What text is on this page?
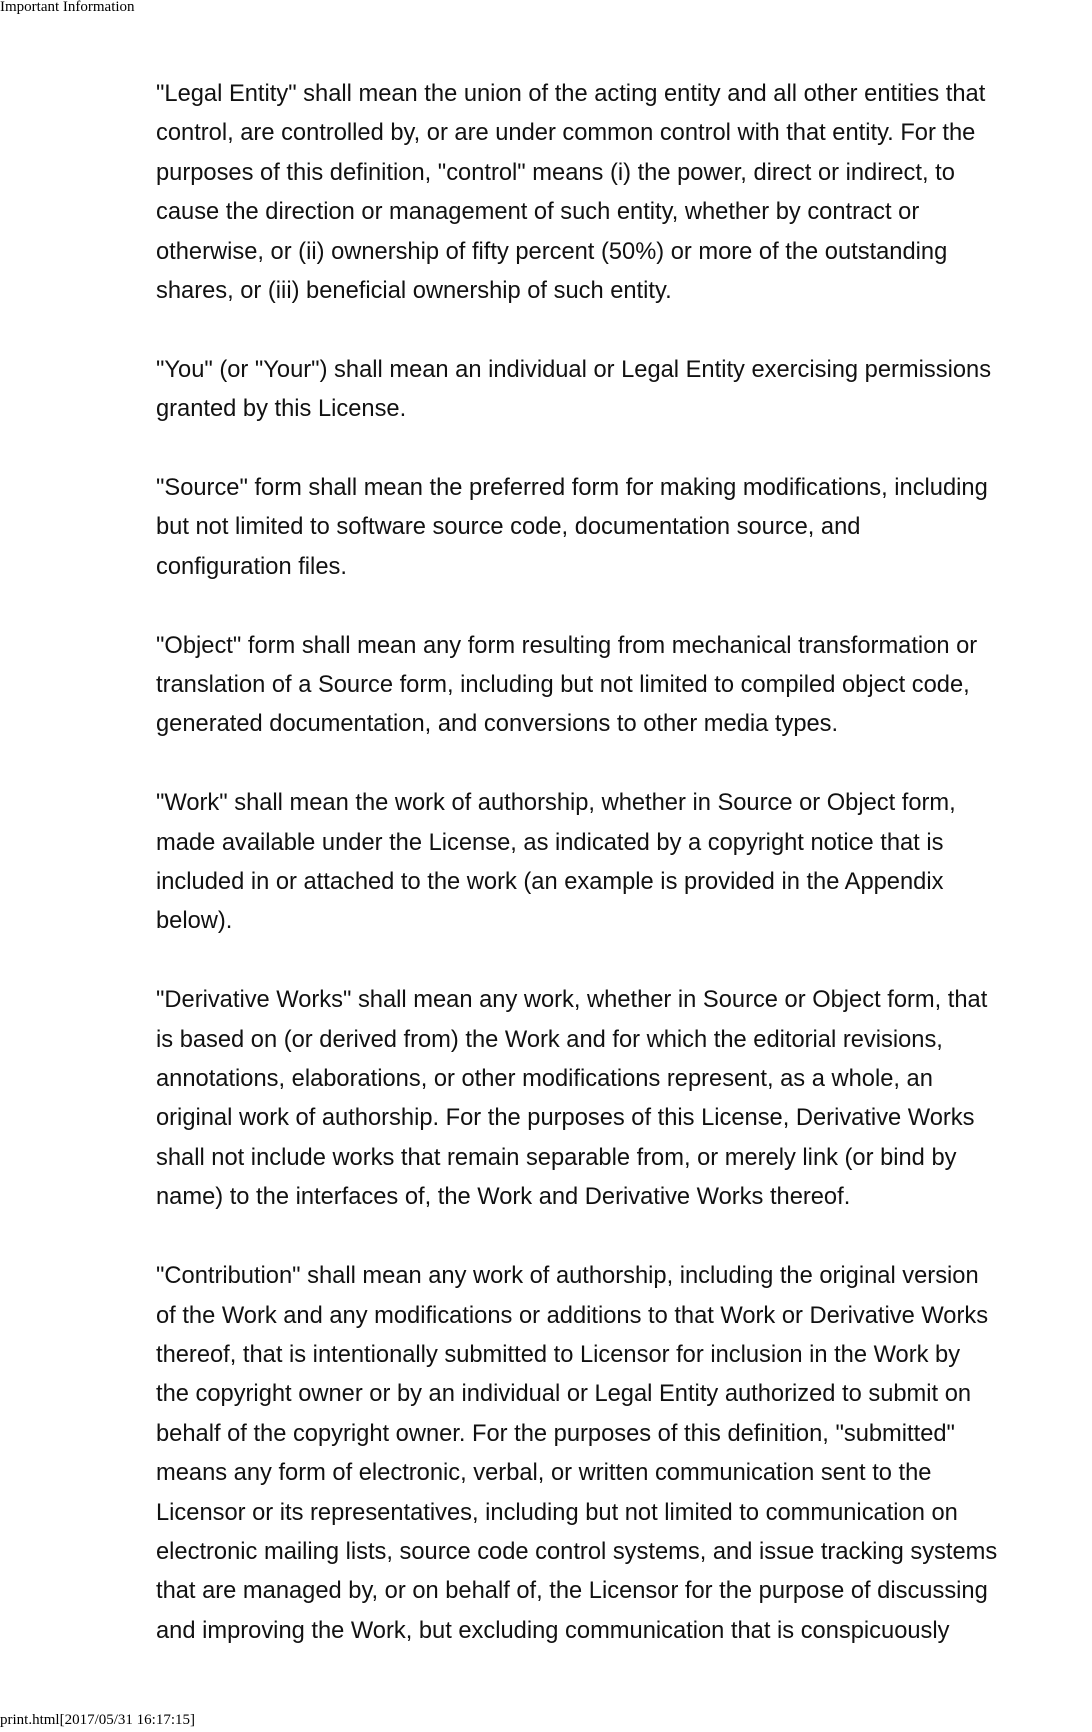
Important Information

"Legal Entity" shall mean the union of the acting entity and all other entities that
control, are controlled by, or are under common control with that entity. For the
purposes of this definition, "control" means (i) the power, direct or indirect, to
cause the direction or management of such entity, whether by contract or
otherwise, or (ii) ownership of fifty percent (50%) or more of the outstanding
shares, or (iii) beneficial ownership of such entity.

"You" (or "Your") shall mean an individual or Legal Entity exercising permissions
granted by this License.

"Source" form shall mean the preferred form for making modifications, including
but not limited to software source code, documentation source, and
configuration files.

"Object" form shall mean any form resulting from mechanical transformation or
translation of a Source form, including but not limited to compiled object code,
generated documentation, and conversions to other media types.

"Work" shall mean the work of authorship, whether in Source or Object form,
made available under the License, as indicated by a copyright notice that is
included in or attached to the work (an example is provided in the Appendix
below).

"Derivative Works" shall mean any work, whether in Source or Object form, that
is based on (or derived from) the Work and for which the editorial revisions,
annotations, elaborations, or other modifications represent, as a whole, an
original work of authorship. For the purposes of this License, Derivative Works
shall not include works that remain separable from, or merely link (or bind by
name) to the interfaces of, the Work and Derivative Works thereof.

"Contribution" shall mean any work of authorship, including the original version
of the Work and any modifications or additions to that Work or Derivative Works
thereof, that is intentionally submitted to Licensor for inclusion in the Work by
the copyright owner or by an individual or Legal Entity authorized to submit on
behalf of the copyright owner. For the purposes of this definition, "submitted"
means any form of electronic, verbal, or written communication sent to the
Licensor or its representatives, including but not limited to communication on
electronic mailing lists, source code control systems, and issue tracking systems
that are managed by, or on behalf of, the Licensor for the purpose of discussing
and improving the Work, but excluding communication that is conspicuously

print.html[2017/05/31 16:17:15]
